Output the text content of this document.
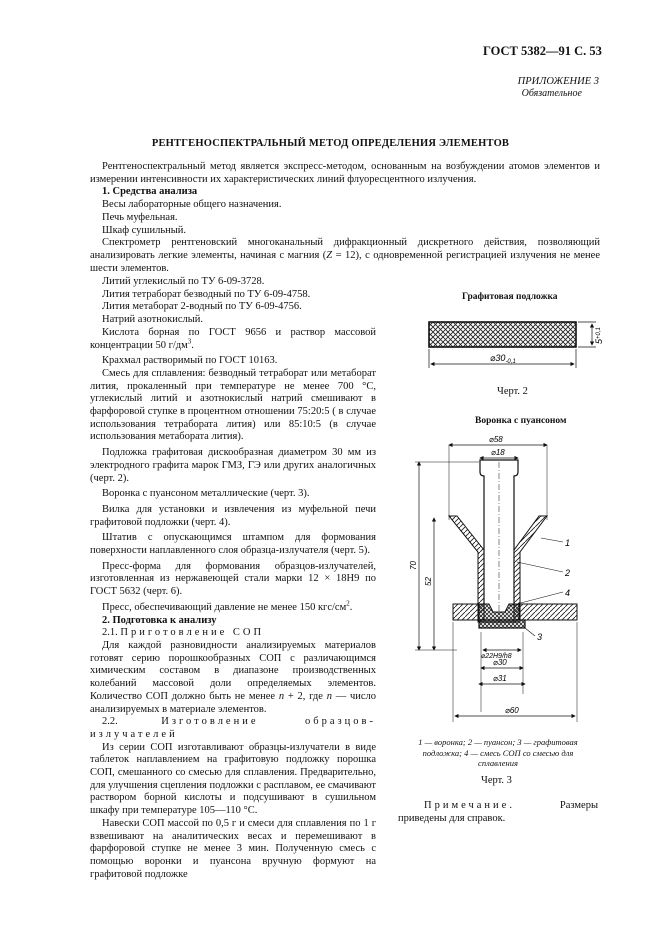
ГОСТ 5382—91 С. 53
ПРИЛОЖЕНИЕ 3
Обязательное
РЕНТГЕНОСПЕКТРАЛЬНЫЙ МЕТОД ОПРЕДЕЛЕНИЯ ЭЛЕМЕНТОВ

Рентгеноспектральный метод является экспресс-методом, основанным на возбуждении атомов элементов и измерении интенсивности их характеристических линий флуоресцентного излучения.

1. Средства анализа

Весы лабораторные общего назначения.

Печь муфельная.

Шкаф сушильный.

Спектрометр рентгеновский многоканальный дифракционный дискретного действия, позволяющий анализировать легкие элементы, начиная с магния (Z = 12), с одновременной регистрацией излучения не менее шести элементов.

Литий углекислый по ТУ 6-09-3728.

Лития тетраборат безводный по ТУ 6-09-4758.

Лития метаборат 2-водный по ТУ 6-09-4756.

Натрий азотнокислый.

Кислота борная по ГОСТ 9656 и раствор массовой концентрации 50 $г/дм^3$.

Крахмал растворимый по ГОСТ 10163.

Смесь для сплавления: безводный тетраборат или метаборат лития, прокаленный при температуре не менее 700 °С, углекислый литий и азотнокислый натрий смешивают в фарфоровой ступке в процентном отношении 75:20:5 ( в случае использования тетрабората лития) или 85:10:5 (в случае использования метабората лития).

Подложка графитовая дискообразная диаметром 30 мм из электродного графита марок ГМЗ, ГЭ или других аналогичных (черт. 2).

Воронка с пуансоном металлические (черт. 3).

Вилка для установки и извлечения из муфельной печи графитовой подложки (черт. 4).

Штатив с опускающимся штампом для формования поверхности наплавленного слоя образца-излучателя (черт. 5).

Пресс-форма для формования образцов-излучателей, изготовленная из нержавеющей стали марки 12 × 18Н9 по ГОСТ 5632 (черт. 6).

Пресс, обеспечивающий давление не менее 150 кгс/$см^2$.

2. Подготовка к анализу

2.1. Приготовление СОП

Для каждой разновидности анализируемых материалов готовят серию порошкообразных СОП с различающимся химическим составом в диапазоне производственных колебаний массовой доли определяемых элементов. Количество СОП должно быть не менее n + 2, где n — число анализируемых в материале элементов.

2.2.	Изготовление образцов-излучателей

Из серии СОП изготавливают образцы-излучатели в виде таблеток наплавлением на графитовую подложку порошка СОП, смешанного со смесью для сплавления. Предварительно, для улучшения сцепления подложки с расплавом, ее смачивают раствором борной кислоты и подсушивают в сушильном шкафу при температуре 105—110 °С.

Навески СОП массой по 0,5 г и смеси для сплавления по 1 г взвешивают на аналитических весах и перемешивают в фарфоровой ступке не менее 3 мин. Полученную смесь с помощью воронки и пуансона вручную формуют на графитовой подложке

Графитовая подложка
$⌀30_{-0,1}$
$5^{+0,1}$
Черт. 2
Воронка с пуансоном
⌀58
⌀18
70
52
1
2
3
4
⌀22Н9/h8
⌀30
⌀31
⌀60
1 — воронка; 2 — пуансон; 3 — графитовая
подложка; 4 — смесь СОП со смесью для
сплавления
Черт. 3
Примечание. Размеры приведены для справок.
